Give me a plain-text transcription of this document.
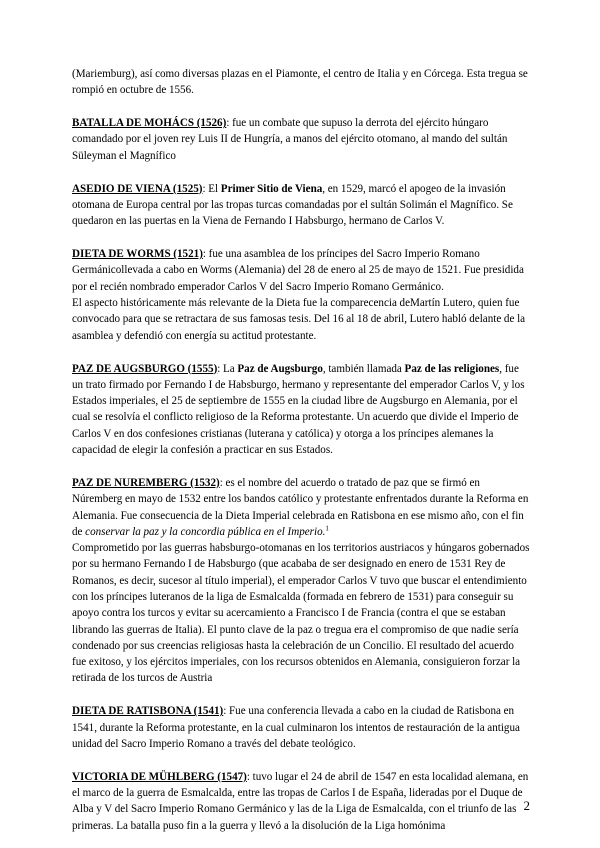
(Mariemburg), así como diversas plazas en el Piamonte, el centro de Italia y en Córcega. Esta tregua se rompió en octubre de 1556.

BATALLA DE MOHÁCS (1526): fue un combate que supuso la derrota del ejército húngaro comandado por el joven rey Luis II de Hungría, a manos del ejército otomano, al mando del sultán Süleyman el Magnífico

ASEDIO DE VIENA (1525): El Primer Sitio de Viena, en 1529, marcó el apogeo de la invasión otomana de Europa central por las tropas turcas comandadas por el sultán Solimán el Magnífico. Se quedaron en las puertas en la Viena de Fernando I Habsburgo, hermano de Carlos V.

DIETA DE WORMS (1521): fue una asamblea de los príncipes del Sacro Imperio Romano Germánicollevada a cabo en Worms (Alemania) del 28 de enero al 25 de mayo de 1521. Fue presidida por el recién nombrado emperador Carlos V del Sacro Imperio Romano Germánico.

El aspecto históricamente más relevante de la Dieta fue la comparecencia deMartín Lutero, quien fue convocado para que se retractara de sus famosas tesis. Del 16 al 18 de abril, Lutero habló delante de la asamblea y defendió con energía su actitud protestante.

PAZ DE AUGSBURGO (1555): La Paz de Augsburgo, también llamada Paz de las religiones, fue un trato firmado por Fernando I de Habsburgo, hermano y representante del emperador Carlos V, y los Estados imperiales, el 25 de septiembre de 1555 en la ciudad libre de Augsburgo en Alemania, por el cual se resolvía el conflicto religioso de la Reforma protestante. Un acuerdo que divide el Imperio de Carlos V en dos confesiones cristianas (luterana y católica) y otorga a los príncipes alemanes la capacidad de elegir la confesión a practicar en sus Estados.

PAZ DE NUREMBERG (1532): es el nombre del acuerdo o tratado de paz que se firmó en Núremberg en mayo de 1532 entre los bandos católico y protestante enfrentados durante la Reforma en Alemania. Fue consecuencia de la Dieta Imperial celebrada en Ratisbona en ese mismo año, con el fin de conservar la paz y la concordia pública en el Imperio.$^1$

Comprometido por las guerras habsburgo-otomanas en los territorios austriacos y húngaros gobernados por su hermano Fernando I de Habsburgo (que acababa de ser designado en enero de 1531 Rey de Romanos, es decir, sucesor al título imperial), el emperador Carlos V tuvo que buscar el entendimiento con los príncipes luteranos de la liga de Esmalcalda (formada en febrero de 1531) para conseguir su apoyo contra los turcos y evitar su acercamiento a Francisco I de Francia (contra el que se estaban librando las guerras de Italia). El punto clave de la paz o tregua era el compromiso de que nadie sería condenado por sus creencias religiosas hasta la celebración de un Concilio. El resultado del acuerdo fue exitoso, y los ejércitos imperiales, con los recursos obtenidos en Alemania, consiguieron forzar la retirada de los turcos de Austria

DIETA DE RATISBONA (1541): Fue una conferencia llevada a cabo en la ciudad de Ratisbona en 1541, durante la Reforma protestante, en la cual culminaron los intentos de restauración de la antigua unidad del Sacro Imperio Romano a través del debate teológico.

VICTORIA DE MÜHLBERG (1547): tuvo lugar el 24 de abril de 1547 en esta localidad alemana, en el marco de la guerra de Esmalcalda, entre las tropas de Carlos I de España, lideradas por el Duque de Alba y V del Sacro Imperio Romano Germánico y las de la Liga de Esmalcalda, con el triunfo de las primeras. La batalla puso fin a la guerra y llevó a la disolución de la Liga homónima

2
